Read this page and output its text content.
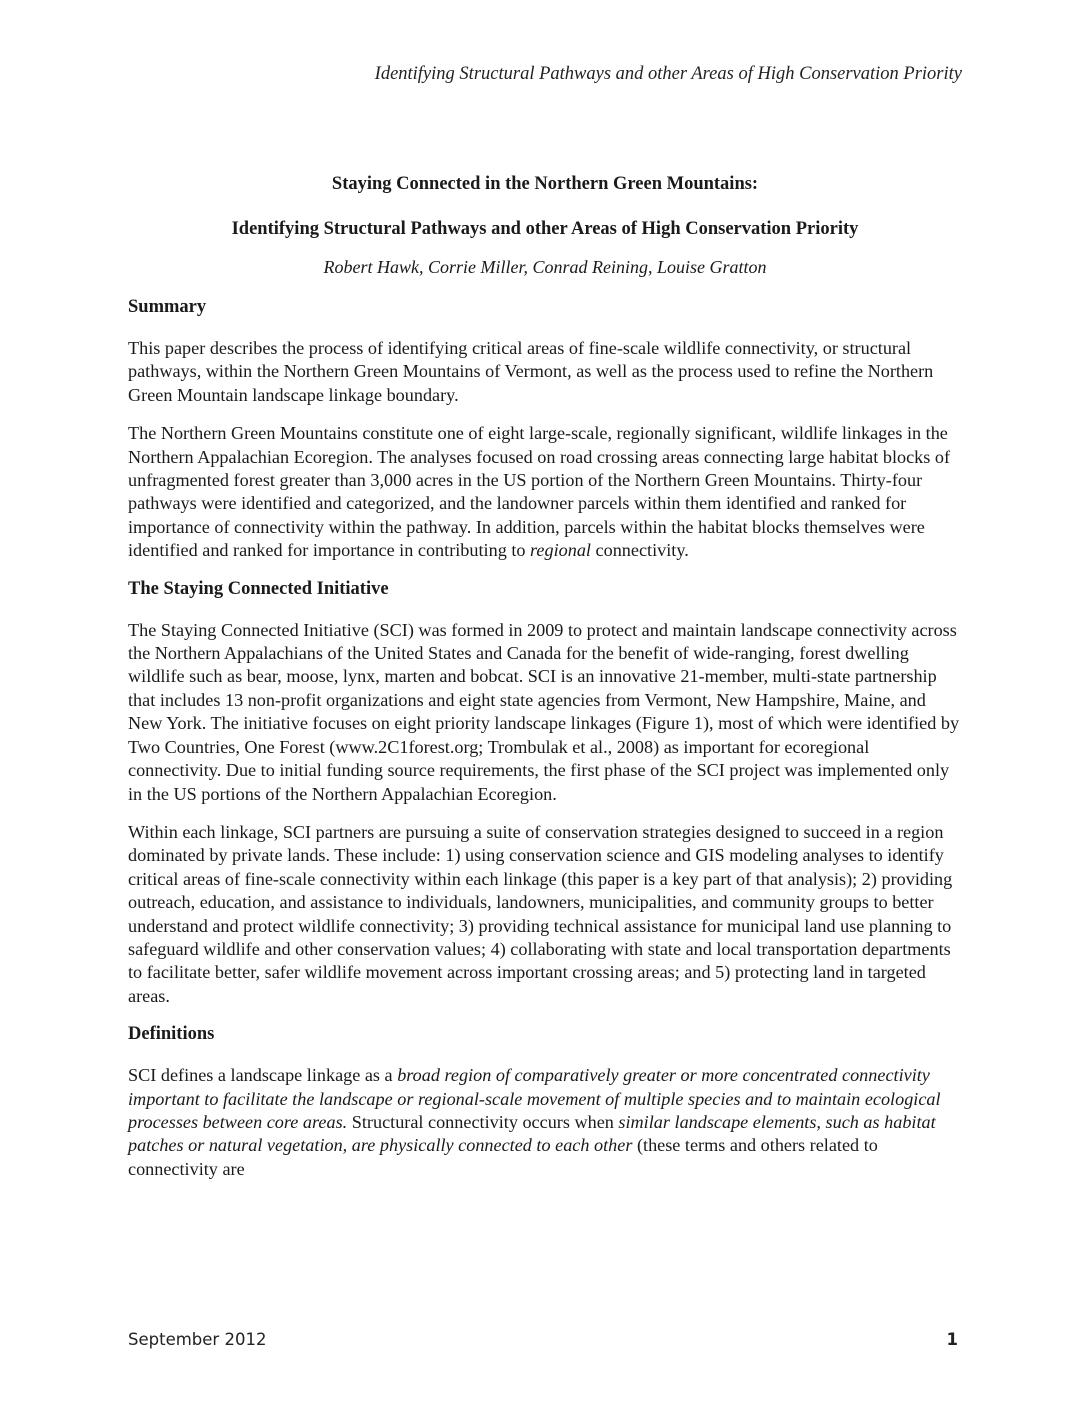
Identifying Structural Pathways and other Areas of High Conservation Priority

Staying Connected in the Northern Green Mountains:

Identifying Structural Pathways and other Areas of High Conservation Priority

Robert Hawk, Corrie Miller, Conrad Reining, Louise Gratton

Summary

This paper describes the process of identifying critical areas of fine-scale wildlife connectivity, or structural pathways, within the Northern Green Mountains of Vermont, as well as the process used to refine the Northern Green Mountain landscape linkage boundary.

The Northern Green Mountains constitute one of eight large-scale, regionally significant, wildlife linkages in the Northern Appalachian Ecoregion. The analyses focused on road crossing areas connecting large habitat blocks of unfragmented forest greater than 3,000 acres in the US portion of the Northern Green Mountains. Thirty-four pathways were identified and categorized, and the landowner parcels within them identified and ranked for importance of connectivity within the pathway. In addition, parcels within the habitat blocks themselves were identified and ranked for importance in contributing to regional connectivity.

The Staying Connected Initiative

The Staying Connected Initiative (SCI) was formed in 2009 to protect and maintain landscape connectivity across the Northern Appalachians of the United States and Canada for the benefit of wide-ranging, forest dwelling wildlife such as bear, moose, lynx, marten and bobcat. SCI is an innovative 21-member, multi-state partnership that includes 13 non-profit organizations and eight state agencies from Vermont, New Hampshire, Maine, and New York. The initiative focuses on eight priority landscape linkages (Figure 1), most of which were identified by Two Countries, One Forest (www.2C1forest.org; Trombulak et al., 2008) as important for ecoregional connectivity. Due to initial funding source requirements, the first phase of the SCI project was implemented only in the US portions of the Northern Appalachian Ecoregion.

Within each linkage, SCI partners are pursuing a suite of conservation strategies designed to succeed in a region dominated by private lands. These include: 1) using conservation science and GIS modeling analyses to identify critical areas of fine-scale connectivity within each linkage (this paper is a key part of that analysis); 2) providing outreach, education, and assistance to individuals, landowners, municipalities, and community groups to better understand and protect wildlife connectivity; 3) providing technical assistance for municipal land use planning to safeguard wildlife and other conservation values; 4) collaborating with state and local transportation departments to facilitate better, safer wildlife movement across important crossing areas; and 5) protecting land in targeted areas.

Definitions

SCI defines a landscape linkage as a broad region of comparatively greater or more concentrated connectivity important to facilitate the landscape or regional-scale movement of multiple species and to maintain ecological processes between core areas. Structural connectivity occurs when similar landscape elements, such as habitat patches or natural vegetation, are physically connected to each other (these terms and others related to connectivity are

September 2012	1
